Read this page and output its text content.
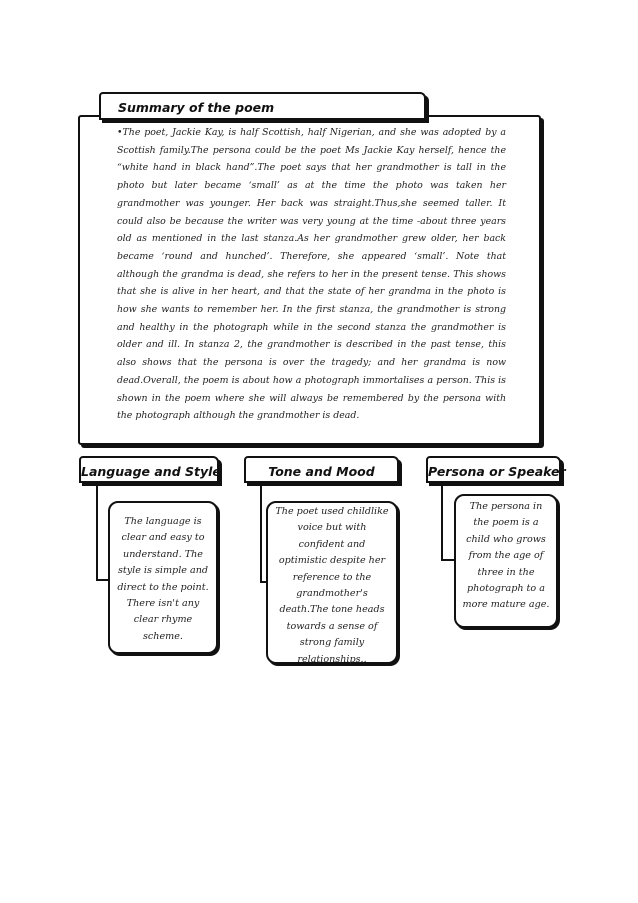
Summary of the poem

•The poet, Jackie Kay, is half Scottish, half Nigerian, and she was adopted by a Scottish family.The persona could be the poet Ms Jackie Kay herself, hence the “white hand in black hand”.The poet says that her grandmother is tall in the photo but later became ‘small’ as at the time the photo was taken her grandmother was younger. Her back was straight.Thus,she seemed taller. It could also be because the writer was very young at the time -about three years old as mentioned in the last stanza.As her grandmother grew older, her back became ‘round and hunched’. Therefore, she appeared ‘small’. Note that although the grandma is dead, she refers to her in the present tense. This shows that she is alive in her heart, and that the state of her grandma in the photo is how she wants to remember her. In the first stanza, the grandmother is strong and healthy in the photograph while in the second stanza the grandmother is older and ill. In stanza 2, the grandmother is described in the past tense, this also shows that the persona is over the tragedy; and her grandma is now dead.Overall, the poem is about how a photograph immortalises a person. This is shown in the poem where she will always be remembered by the persona with the photograph although the grandmother is dead.

Language and Style
The language is clear and easy to understand. The style is simple and direct to the point. There isn't any clear rhyme scheme.
Tone and Mood
The poet used childlike voice but with confident and optimistic despite her reference to the grandmother's death.The tone heads towards a sense of strong family relationships..
Persona or Speaker
The persona in the poem is a child who grows from the age of three in the photograph to a more mature age.
